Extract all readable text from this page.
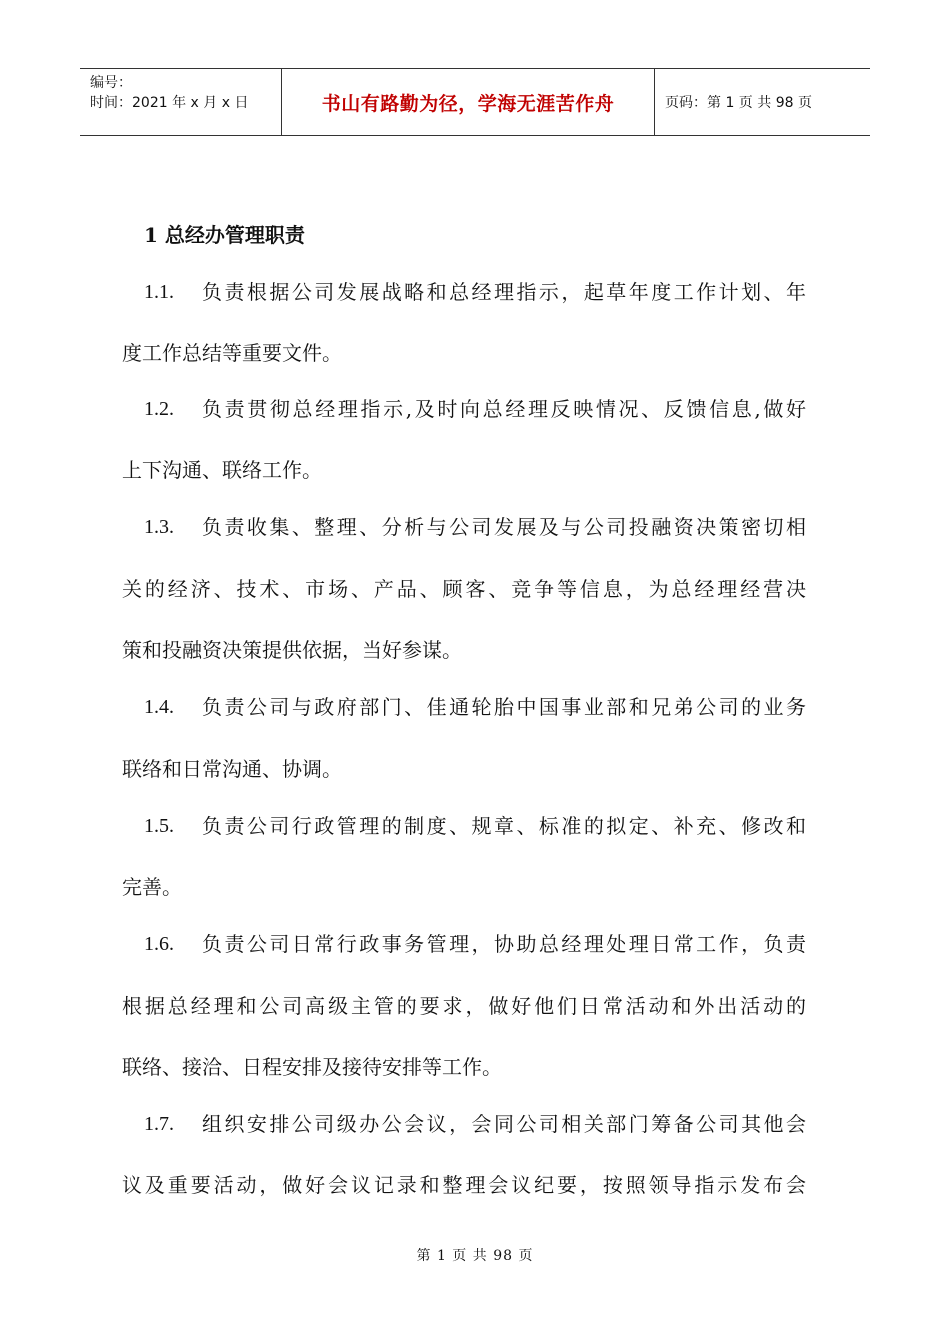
编号：
时间：2021 年 x 月 x 日	书山有路勤为径，学海无涯苦作舟	页码：第 1 页 共 98 页
1 总经办管理职责
1.1.	负责根据公司发展战略和总经理指示，起草年度工作计划、年
度工作总结等重要文件。
1.2.	负责贯彻总经理指示,及时向总经理反映情况、反馈信息,做好
上下沟通、联络工作。
1.3.	负责收集、整理、分析与公司发展及与公司投融资决策密切相
关的经济、技术、市场、产品、顾客、竞争等信息，为总经理经营决
策和投融资决策提供依据，当好参谋。
1.4.	负责公司与政府部门、佳通轮胎中国事业部和兄弟公司的业务
联络和日常沟通、协调。
1.5.	负责公司行政管理的制度、规章、标准的拟定、补充、修改和
完善。
1.6.	负责公司日常行政事务管理，协助总经理处理日常工作，负责
根据总经理和公司高级主管的要求，做好他们日常活动和外出活动的
联络、接洽、日程安排及接待安排等工作。
1.7.	组织安排公司级办公会议，会同公司相关部门筹备公司其他会
议及重要活动，做好会议记录和整理会议纪要，按照领导指示发布会
第 1 页 共 98 页
